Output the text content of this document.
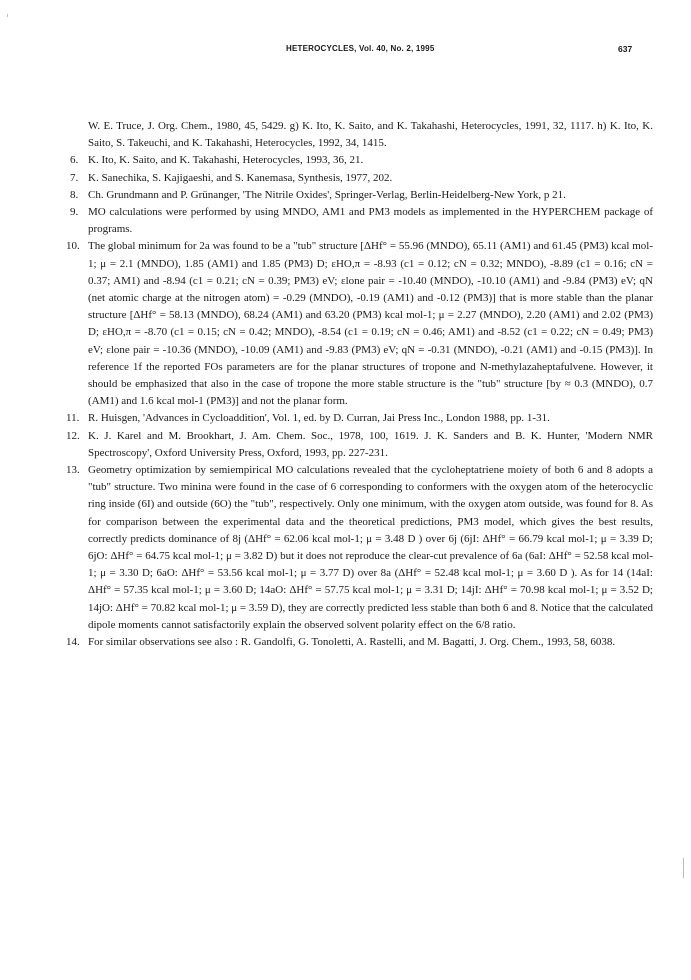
HETEROCYCLES, Vol. 40, No. 2, 1995	637
W. E. Truce, J. Org. Chem., 1980, 45, 5429. g) K. Ito, K. Saito, and K. Takahashi, Heterocycles, 1991, 32, 1117. h) K. Ito, K. Saito, S. Takeuchi, and K. Takahashi, Heterocycles, 1992, 34, 1415.
6. K. Ito, K. Saito, and K. Takahashi, Heterocycles, 1993, 36, 21.
7. K. Sanechika, S. Kajigaeshi, and S. Kanemasa, Synthesis, 1977, 202.
8. Ch. Grundmann and P. Grünanger, 'The Nitrile Oxides', Springer-Verlag, Berlin-Heidelberg-New York, p 21.
9. MO calculations were performed by using MNDO, AM1 and PM3 models as implemented in the HYPERCHEM package of programs.
10. The global minimum for 2a was found to be a "tub" structure [ΔHf° = 55.96 (MNDO), 65.11 (AM1) and 61.45 (PM3) kcal mol-1; μ = 2.1 (MNDO), 1.85 (AM1) and 1.85 (PM3) D; εHO,π = -8.93 (c1 = 0.12; cN = 0.32; MNDO), -8.89 (c1 = 0.16; cN = 0.37; AM1) and -8.94 (c1 = 0.21; cN = 0.39; PM3) eV; εlone pair = -10.40 (MNDO), -10.10 (AM1) and -9.84 (PM3) eV; qN (net atomic charge at the nitrogen atom) = -0.29 (MNDO), -0.19 (AM1) and -0.12 (PM3)] that is more stable than the planar structure [ΔHf° = 58.13 (MNDO), 68.24 (AM1) and 63.20 (PM3) kcal mol-1; μ = 2.27 (MNDO), 2.20 (AM1) and 2.02 (PM3) D; εHO,π = -8.70 (c1 = 0.15; cN = 0.42; MNDO), -8.54 (c1 = 0.19; cN = 0.46; AM1) and -8.52 (c1 = 0.22; cN = 0.49; PM3) eV; εlone pair = -10.36 (MNDO), -10.09 (AM1) and -9.83 (PM3) eV; qN = -0.31 (MNDO), -0.21 (AM1) and -0.15 (PM3)]. In reference 1f the reported FOs parameters are for the planar structures of tropone and N-methylazaheptafulvene. However, it should be emphasized that also in the case of tropone the more stable structure is the "tub" structure [by ≈ 0.3 (MNDO), 0.7 (AM1) and 1.6 kcal mol-1 (PM3)] and not the planar form.
11. R. Huisgen, 'Advances in Cycloaddition', Vol. 1, ed. by D. Curran, Jai Press Inc., London 1988, pp. 1-31.
12. K. J. Karel and M. Brookhart, J. Am. Chem. Soc., 1978, 100, 1619. J. K. Sanders and B. K. Hunter, 'Modern NMR Spectroscopy', Oxford University Press, Oxford, 1993, pp. 227-231.
13. Geometry optimization by semiempirical MO calculations revealed that the cycloheptatriene moiety of both 6 and 8 adopts a "tub" structure. Two minina were found in the case of 6 corresponding to conformers with the oxygen atom of the heterocyclic ring inside (6I) and outside (6O) the "tub", respectively. Only one minimum, with the oxygen atom outside, was found for 8. As for comparison between the experimental data and the theoretical predictions, PM3 model, which gives the best results, correctly predicts dominance of 8j (ΔHf° = 62.06 kcal mol-1; μ = 3.48 D ) over 6j (6jI: ΔHf° = 66.79 kcal mol-1; μ = 3.39 D; 6jO: ΔHf° = 64.75 kcal mol-1; μ = 3.82 D) but it does not reproduce the clear-cut prevalence of 6a (6aI: ΔHf° = 52.58 kcal mol-1; μ = 3.30 D; 6aO: ΔHf° = 53.56 kcal mol-1; μ = 3.77 D) over 8a (ΔHf° = 52.48 kcal mol-1; μ = 3.60 D ). As for 14 (14aI: ΔHf° = 57.35 kcal mol-1; μ = 3.60 D; 14aO: ΔHf° = 57.75 kcal mol-1; μ = 3.31 D; 14jI: ΔHf° = 70.98 kcal mol-1; μ = 3.52 D; 14jO: ΔHf° = 70.82 kcal mol-1; μ = 3.59 D), they are correctly predicted less stable than both 6 and 8. Notice that the calculated dipole moments cannot satisfactorily explain the observed solvent polarity effect on the 6/8 ratio.
14. For similar observations see also : R. Gandolfi, G. Tonoletti, A. Rastelli, and M. Bagatti, J. Org. Chem., 1993, 58, 6038.
